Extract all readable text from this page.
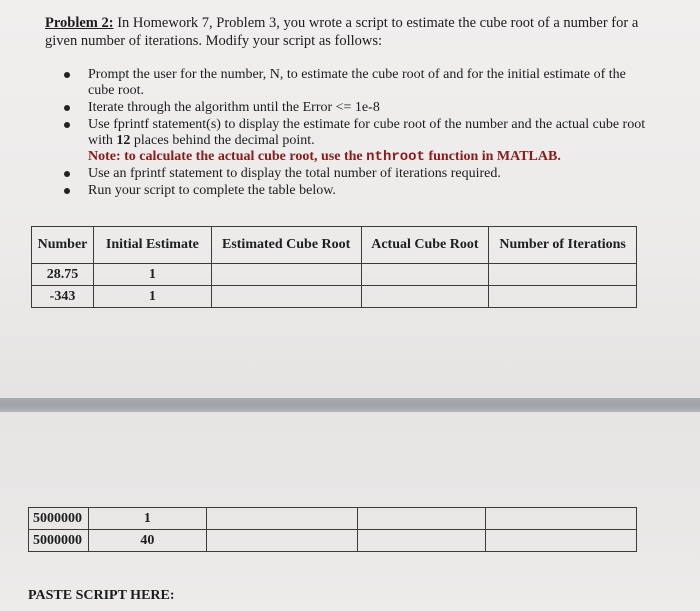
Problem 2: In Homework 7, Problem 3, you wrote a script to estimate the cube root of a number for a given number of iterations. Modify your script as follows:
Prompt the user for the number, N, to estimate the cube root of and for the initial estimate of the cube root.
Iterate through the algorithm until the Error <= 1e-8
Use fprintf statement(s) to display the estimate for cube root of the number and the actual cube root with 12 places behind the decimal point.
Note: to calculate the actual cube root, use the nthroot function in MATLAB.
Use an fprintf statement to display the total number of iterations required.
Run your script to complete the table below.
Number	Initial Estimate	Estimated Cube Root	Actual Cube Root	Number of Iterations
28.75	1			
-343	1			
5000000	1			
5000000	40			
PASTE SCRIPT HERE:
